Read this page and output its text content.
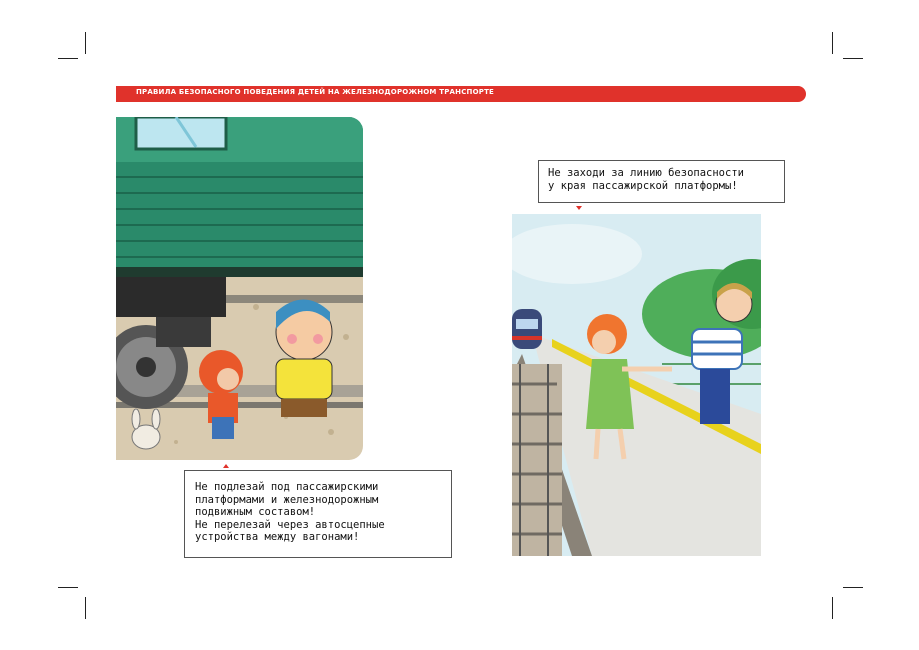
ПРАВИЛА БЕЗОПАСНОГО ПОВЕДЕНИЯ ДЕТЕЙ НА ЖЕЛЕЗНОДОРОЖНОМ ТРАНСПОРТЕ
Не подлезай под пассажирскими
платформами и железнодорожным
подвижным составом!
Не перелезай через автосцепные
устройства между вагонами!
Не заходи за линию безопасности
у края пассажирской платформы!
